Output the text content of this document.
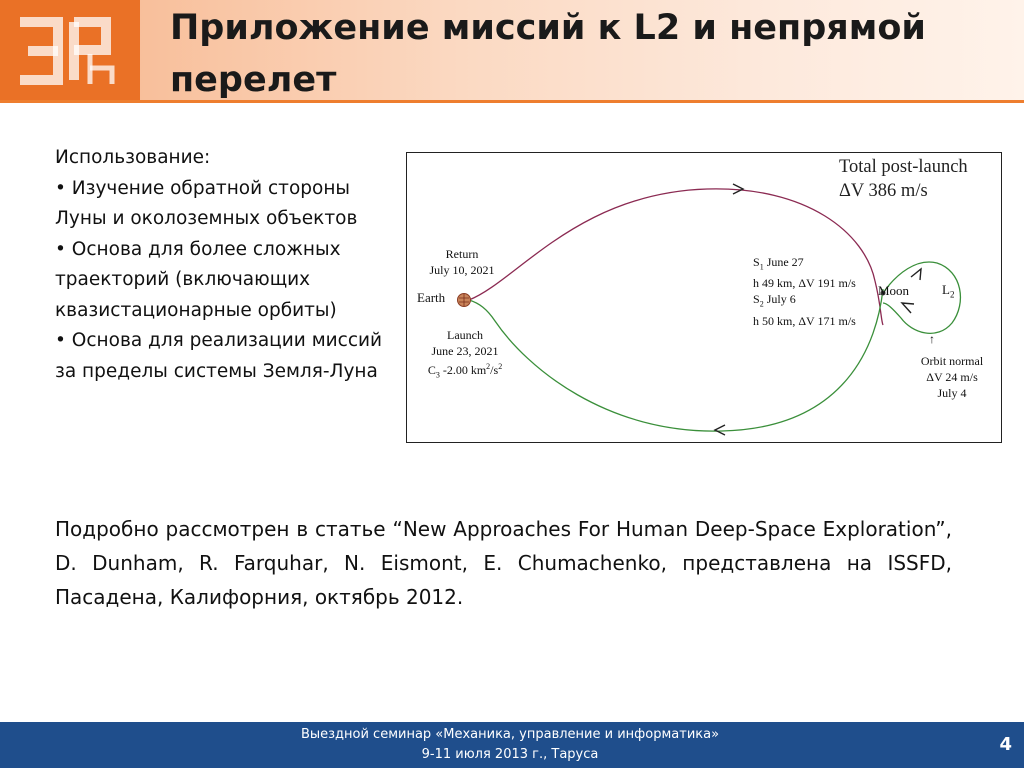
Приложение миссий к L2 и непрямой перелет

Использование:

• Изучение обратной стороны Луны и околоземных объектов

• Основа для более сложных траекторий (включающих квазистационарные орбиты)

• Основа для реализации миссий за пределы системы Земля-Луна

Total post-launch
ΔV 386 m/s
Earth
Return
July 10, 2021
Launch
June 23, 2021
$C_3$ -2.00 $km^2/s^2$
$S_1$ June 27
h 49 km, ΔV 191 m/s
$S_2$ July 6
h 50 km, ΔV 171 m/s
Moon	$L_2$
↑
Orbit normal
ΔV 24 m/s
July 4

Подробно рассмотрен в статье “New Approaches For Human Deep-Space Exploration”, D. Dunham, R. Farquhar, N. Eismont, E. Chumachenko, представлена на ISSFD, Пасадена, Калифорния, октябрь 2012.

Выездной семинар «Механика, управление и информатика»
9-11 июля 2013 г., Таруса	4
